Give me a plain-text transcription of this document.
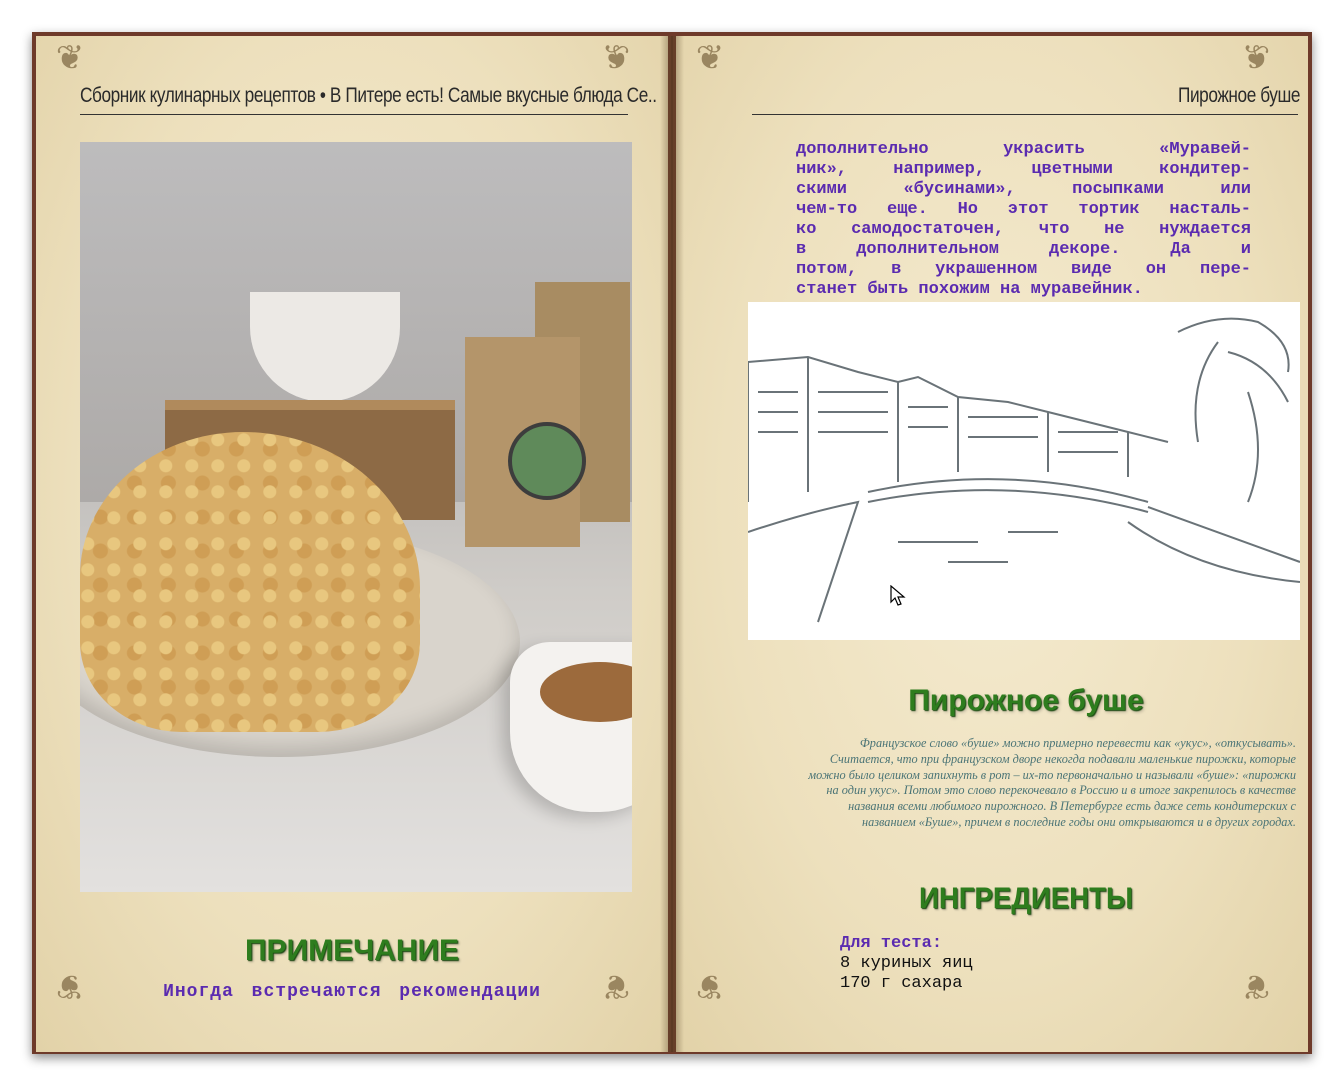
❦	❦
❦	❦
Сборник кулинарных рецептов • В Питере есть! Самые вкусные блюда Се..
ПРИМЕЧАНИЕ
Иногда встречаются рекомендации
❦
❦
❦
❦
Пирожное буше
дополнительно украсить «Муравей-
ник», например, цветными кондитер-
скими «бусинами», посыпками или
чем-то еще. Но этот тортик насталь-
ко самодостаточен, что не нуждается
в дополнительном декоре. Да и
потом, в украшенном виде он пере-
станет быть похожим на муравейник.
Пирожное буше
Французское слово «буше» можно примерно перевести как «укус», «откусывать». Считается, что при французском дворе некогда подавали маленькие пирожки, которые можно было целиком запихнуть в рот – их-то первоначально и называли «буше»: «пирожки на один укус». Потом это слово перекочевало в Россию и в итоге закрепилось в качестве названия всеми любимого пирожного. В Петербурге есть даже сеть кондитерских с названием «Буше», причем в последние годы они открываются и в других городах.
ИНГРЕДИЕНТЫ
Для теста:
8 куриных яиц
170 г сахара
